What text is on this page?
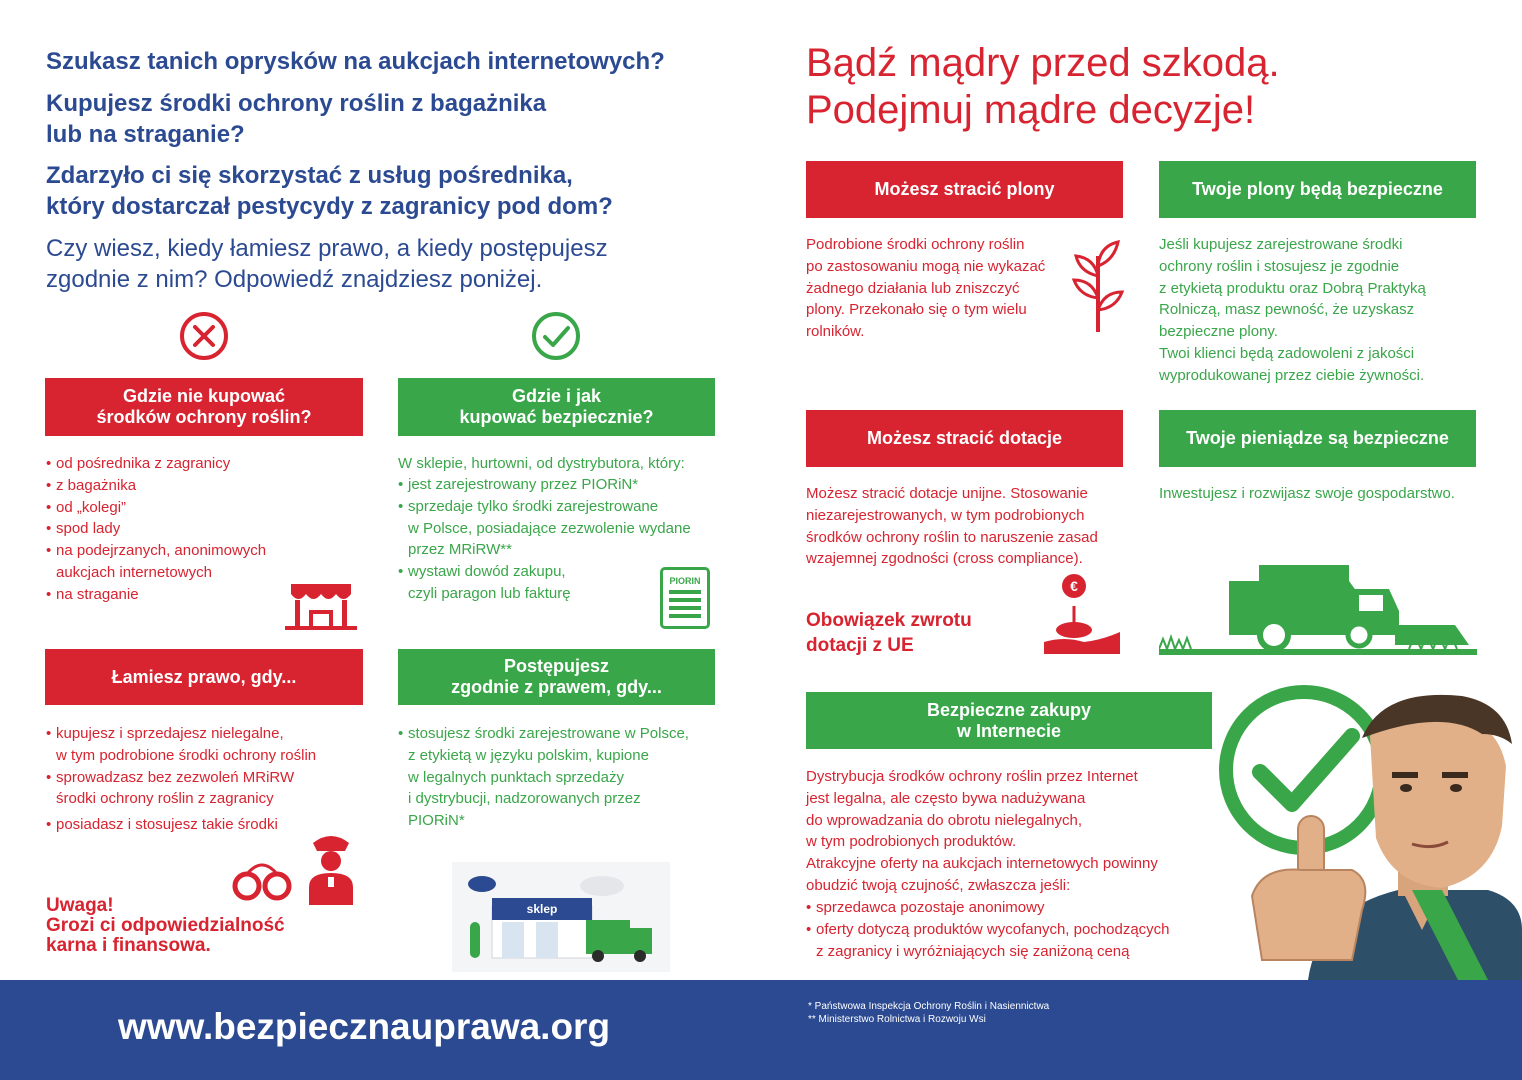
Szukasz tanich oprysków na aukcjach internetowych?

Kupujesz środki ochrony roślin z bagażnika

lub na straganie?

Zdarzyło ci się skorzystać z usług pośrednika,

który dostarczał pestycydy z zagranicy pod dom?

Czy wiesz, kiedy łamiesz prawo, a kiedy postępujesz
zgodnie z nim? Odpowiedź znajdziesz poniżej.
Gdzie nie kupować
środków ochrony roślin?
• od pośrednika z zagranicy
• z bagażnika
• od „kolegi”
• spod lady
• na podejrzanych, anonimowych
aukcjach internetowych
• na straganie
Gdzie i jak
kupować bezpiecznie?
W sklepie, hurtowni, od dystrybutora, który:
• jest zarejestrowany przez PIORiN*
• sprzedaje tylko środki zarejestrowane
w Polsce, posiadające zezwolenie wydane
przez MRiRW**
• wystawi dowód zakupu,
czyli paragon lub fakturę
PIORIN
Łamiesz prawo, gdy...
• kupujesz i sprzedajesz nielegalne,
w tym podrobione środki ochrony roślin
• sprowadzasz bez zezwoleń MRiRW
środki ochrony roślin z zagranicy
• posiadasz i stosujesz takie środki
Postępujesz
zgodnie z prawem, gdy...
• stosujesz środki zarejestrowane w Polsce,
z etykietą w języku polskim, kupione
w legalnych punktach sprzedaży
i dystrybucji, nadzorowanych przez
PIORiN*
Uwaga!
Grozi ci odpowiedzialność
karna i finansowa.
sklep
Bądź mądry przed szkodą.
Podejmuj mądre decyzje!
Możesz stracić plony
Podrobione środki ochrony roślin
po zastosowaniu mogą nie wykazać
żadnego działania lub zniszczyć
plony. Przekonało się o tym wielu
rolników.
Twoje plony będą bezpieczne
Jeśli kupujesz zarejestrowane środki
ochrony roślin i stosujesz je zgodnie
z etykietą produktu oraz Dobrą Praktyką
Rolniczą, masz pewność, że uzyskasz
bezpieczne plony.
Twoi klienci będą zadowoleni z jakości
wyprodukowanej przez ciebie żywności.
Możesz stracić dotacje
Możesz stracić dotacje unijne. Stosowanie
niezarejestrowanych, w tym podrobionych
środków ochrony roślin to naruszenie zasad
wzajemnej zgodności (cross compliance).
Obowiązek zwrotu
dotacji z UE
€
Twoje pieniądze są bezpieczne
Inwestujesz i rozwijasz swoje gospodarstwo.
Bezpieczne zakupy
w Internecie
Dystrybucja środków ochrony roślin przez Internet
jest legalna, ale często bywa nadużywana
do wprowadzania do obrotu nielegalnych,
w tym podrobionych produktów.
Atrakcyjne oferty na aukcjach internetowych powinny
obudzić twoją czujność, zwłaszcza jeśli:
• sprzedawca pozostaje anonimowy
• oferty dotyczą produktów wycofanych, pochodzących
z zagranicy i wyróżniających się zaniżoną ceną
www.bezpiecznauprawa.org	* Państwowa Inspekcja Ochrony Roślin i Nasiennictwa
** Ministerstwo Rolnictwa i Rozwoju Wsi
